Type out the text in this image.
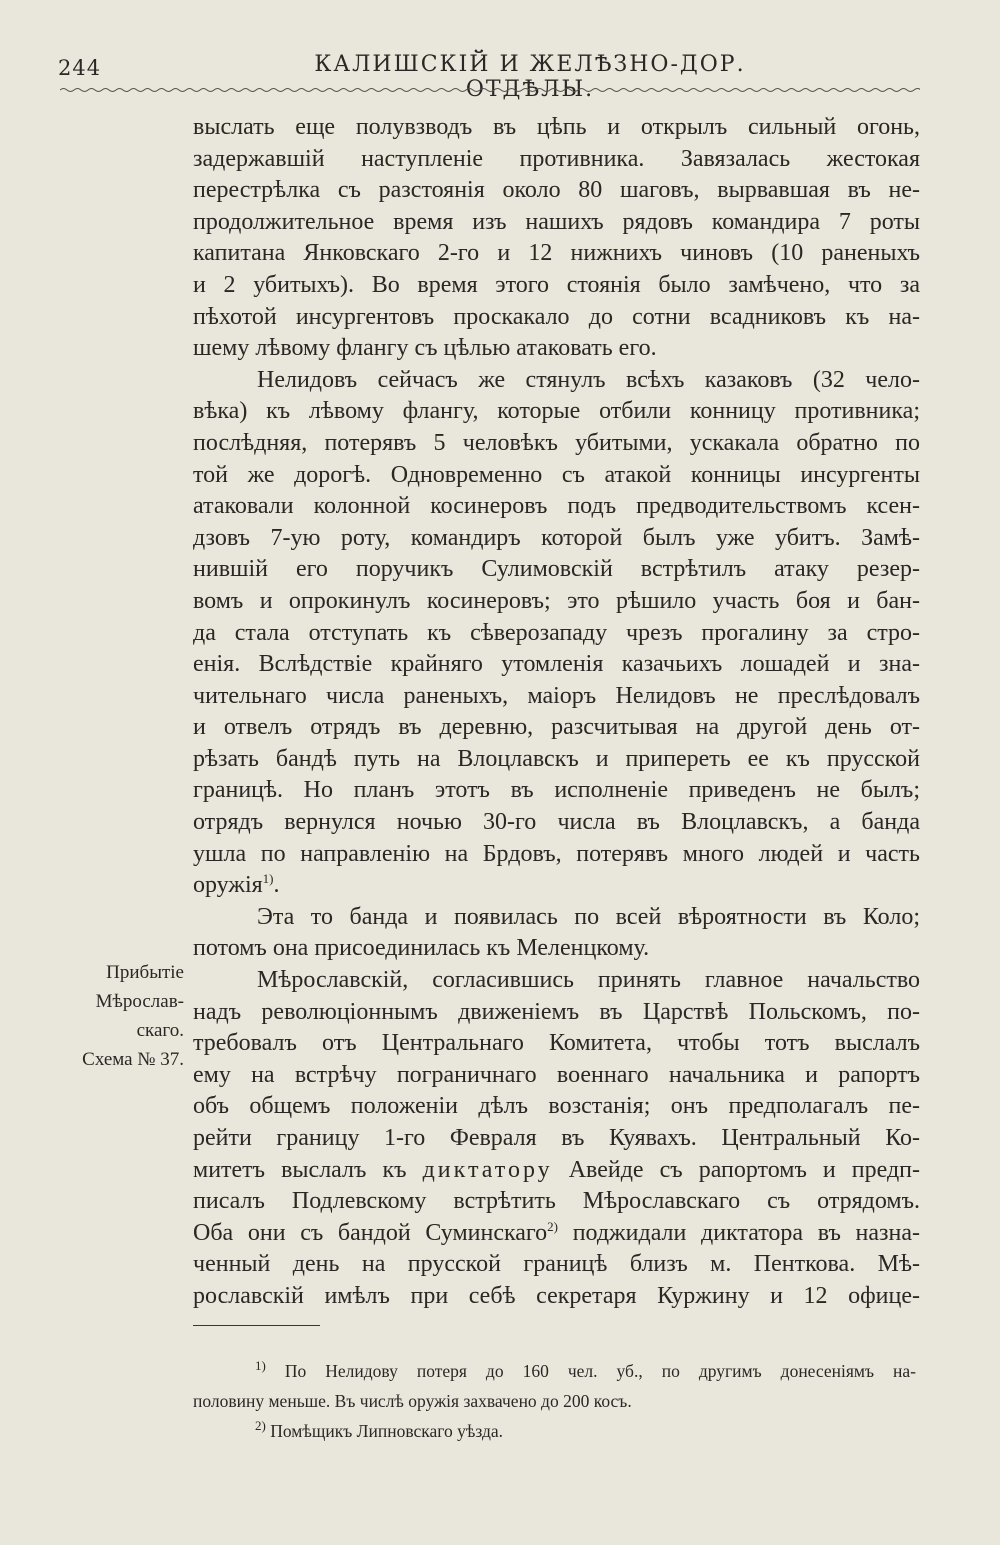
244	КАЛИШСКІЙ И ЖЕЛѢЗНО-ДОР. ОТДѢЛЫ.
выслать еще полувзводъ въ цѣпь и открылъ сильный огонь,
задержавшій наступленіе противника. Завязалась жестокая
перестрѣлка съ разстоянія около 80 шаговъ, вырвавшая въ не-
продолжительное время изъ нашихъ рядовъ командира 7 роты
капитана Янковскаго 2-го и 12 нижнихъ чиновъ (10 раненыхъ
и 2 убитыхъ). Во время этого стоянія было замѣчено, что за
пѣхотой инсургентовъ проскакало до сотни всадниковъ къ на-
шему лѣвому флангу съ цѣлью атаковать его.
Нелидовъ сейчасъ же стянулъ всѣхъ казаковъ (32 чело-
вѣка) къ лѣвому флангу, которые отбили конницу противника;
послѣдняя, потерявъ 5 человѣкъ убитыми, ускакала обратно по
той же дорогѣ. Одновременно съ атакой конницы инсургенты
атаковали колонной косинеровъ подъ предводительствомъ ксен-
дзовъ 7-ую роту, командиръ которой былъ уже убитъ. Замѣ-
нившій его поручикъ Сулимовскій встрѣтилъ атаку резер-
вомъ и опрокинулъ косинеровъ; это рѣшило участь боя и бан-
да стала отступать къ сѣверозападу чрезъ прогалину за стро-
енія. Вслѣдствіе крайняго утомленія казачьихъ лошадей и зна-
чительнаго числа раненыхъ, маіоръ Нелидовъ не преслѣдовалъ
и отвелъ отрядъ въ деревню, разсчитывая на другой день от-
рѣзать бандѣ путь на Влоцлавскъ и припереть ее къ прусской
границѣ. Но планъ этотъ въ исполненіе приведенъ не былъ;
отрядъ вернулся ночью 30-го числа въ Влоцлавскъ, а банда
ушла по направленію на Брдовъ, потерявъ много людей и часть
оружія$^{1)}$.
Эта то банда и появилась по всей вѣроятности въ Коло;
потомъ она присоединилась къ Меленцкому.
Мѣрославскій, согласившись принять главное начальство
надъ революціоннымъ движеніемъ въ Царствѣ Польскомъ, по-
требовалъ отъ Центральнаго Комитета, чтобы тотъ выслалъ
ему на встрѣчу пограничнаго военнаго начальника и рапортъ
объ общемъ положеніи дѣлъ возстанія; онъ предполагалъ пе-
рейти границу 1-го Февраля въ Куявахъ. Центральный Ко-
митетъ выслалъ къ диктатору Авейде съ рапортомъ и предп-
писалъ Подлевскому встрѣтить Мѣрославскаго съ отрядомъ.
Оба они съ бандой Суминскаго$^{2)}$ поджидали диктатора въ назна-
ченный день на прусской границѣ близъ м. Пенткова. Мѣ-
рославскій имѣлъ при себѣ секретаря Куржину и 12 офице-
Прибытіе
Мѣрослав-
скаго.
Схема № 37.
$^{1)}$ По Нелидову потеря до 160 чел. уб., по другимъ донесеніямъ на-
половину меньше. Въ числѣ оружія захвачено до 200 косъ.
$^{2)}$ Помѣщикъ Липновскаго уѣзда.
